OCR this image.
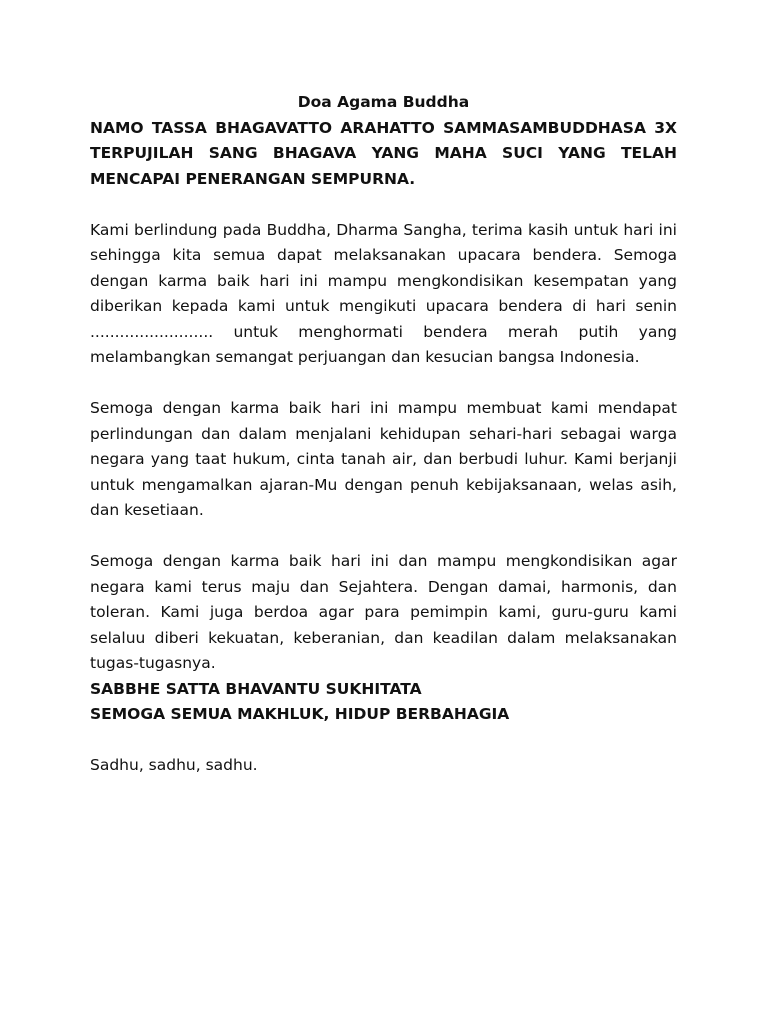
Doa Agama Buddha

NAMO TASSA BHAGAVATTO ARAHATTO SAMMASAMBUDDHASA 3X TERPUJILAH SANG BHAGAVA YANG MAHA SUCI YANG TELAH MENCAPAI PENERANGAN SEMPURNA.

Kami berlindung pada Buddha, Dharma Sangha, terima kasih untuk hari ini sehingga kita semua dapat melaksanakan upacara bendera. Semoga dengan karma baik hari ini mampu mengkondisikan kesempatan yang diberikan kepada kami untuk mengikuti upacara bendera di hari senin ......................... untuk menghormati bendera merah putih yang melambangkan semangat perjuangan dan kesucian bangsa Indonesia.

Semoga dengan karma baik hari ini mampu membuat kami mendapat perlindungan dan dalam menjalani kehidupan sehari-hari sebagai warga negara yang taat hukum, cinta tanah air, dan berbudi luhur. Kami berjanji untuk mengamalkan ajaran-Mu dengan penuh kebijaksanaan, welas asih, dan kesetiaan.

Semoga dengan karma baik hari ini dan mampu mengkondisikan agar negara kami terus maju dan Sejahtera. Dengan damai, harmonis, dan toleran. Kami juga berdoa agar para pemimpin kami, guru-guru kami selaluu diberi kekuatan, keberanian, dan keadilan dalam melaksanakan tugas-tugasnya.

SABBHE SATTA BHAVANTU SUKHITATA

SEMOGA SEMUA MAKHLUK, HIDUP BERBAHAGIA

Sadhu, sadhu, sadhu.
